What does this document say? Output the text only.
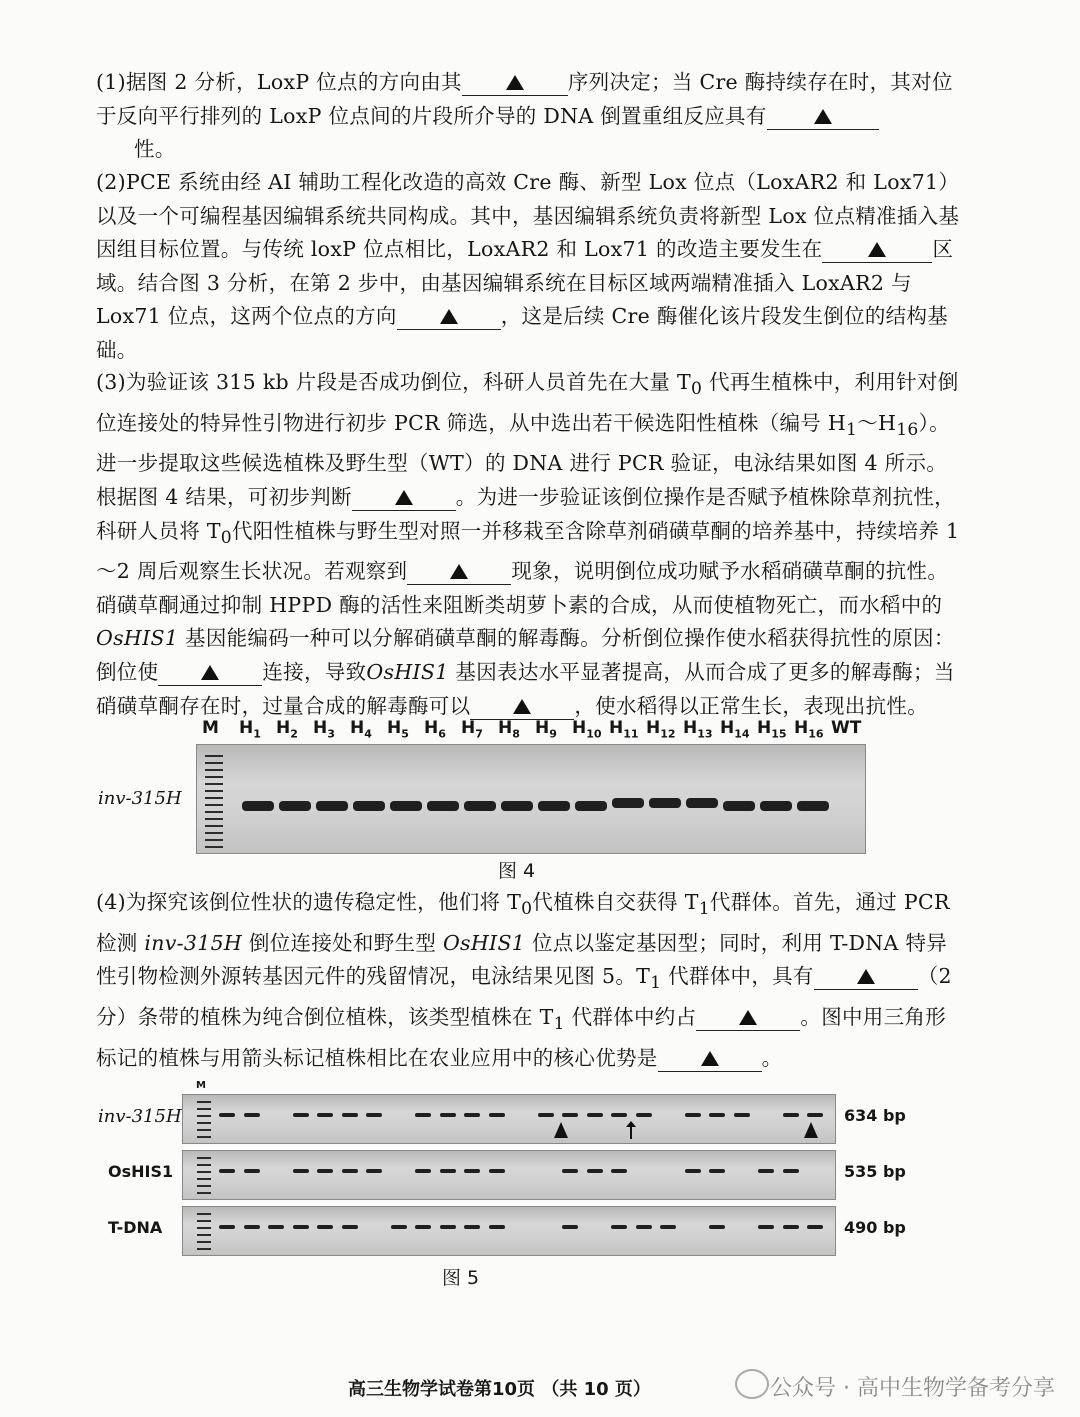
(1)据图 2 分析，LoxP 位点的方向由其	序列决定；当 Cre 酶持续存在时，其对位于反向平行排列的 LoxP 位点间的片段所介导的 DNA 倒置重组反应具有
性。

(2)PCE 系统由经 AI 辅助工程化改造的高效 Cre 酶、新型 Lox 位点（LoxAR2 和 Lox71）以及一个可编程基因编辑系统共同构成。其中，基因编辑系统负责将新型 Lox 位点精准插入基因组目标位置。与传统 loxP 位点相比，LoxAR2 和 Lox71 的改造主要发生在	区域。结合图 3 分析，在第 2 步中，由基因编辑系统在目标区域两端精准插入 LoxAR2 与 Lox71 位点，这两个位点的方向	，这是后续 Cre 酶催化该片段发生倒位的结构基础。

(3)为验证该 315 kb 片段是否成功倒位，科研人员首先在大量 $T_0$ 代再生植株中，利用针对倒位连接处的特异性引物进行初步 PCR 筛选，从中选出若干候选阳性植株（编号 $H_1\sim H_{16}$）。进一步提取这些候选植株及野生型（WT）的 DNA 进行 PCR 验证，电泳结果如图 4 所示。根据图 4 结果，可初步判断	。为进一步验证该倒位操作是否赋予植株除草剂抗性，科研人员将 $T_0$代阳性植株与野生型对照一并移栽至含除草剂硝磺草酮的培养基中，持续培养 1～2 周后观察生长状况。若观察到	现象，说明倒位成功赋予水稻硝磺草酮的抗性。硝磺草酮通过抑制 HPPD 酶的活性来阻断类胡萝卜素的合成，从而使植物死亡，而水稻中的OsHIS1 基因能编码一种可以分解硝磺草酮的解毒酶。分析倒位操作使水稻获得抗性的原因：倒位使	连接，导致OsHIS1 基因表达水平显著提高，从而合成了更多的解毒酶；当硝磺草酮存在时，过量合成的解毒酶可以	，使水稻得以正常生长，表现出抗性。

M $H_1$ $H_2$ $H_3$ $H_4$ $H_5$ $H_6$ $H_7$ $H_8$ $H_9$ $H_{10}$ $H_{11}$ $H_{12}$ $H_{13}$ $H_{14}$ $H_{15}$ $H_{16}$ WT
inv-315H
图 4

(4)为探究该倒位性状的遗传稳定性，他们将 $T_0$代植株自交获得 $T_1$代群体。首先，通过 PCR 检测 inv-315H 倒位连接处和野生型 OsHIS1 位点以鉴定基因型；同时，利用 T-DNA 特异性引物检测外源转基因元件的残留情况，电泳结果见图 5。$T_1$ 代群体中，具有	（2 分）条带的植株为纯合倒位植株，该类型植株在 $T_1$ 代群体中约占	。图中用三角形标记的植株与用箭头标记植株相比在农业应用中的核心优势是	。

inv-315H	634 bp
OsHIS1	535 bp
T-DNA	490 bp
M
图 5
高三生物学试卷第10页 （共 10 页）	公众号 · 高中生物学备考分享
